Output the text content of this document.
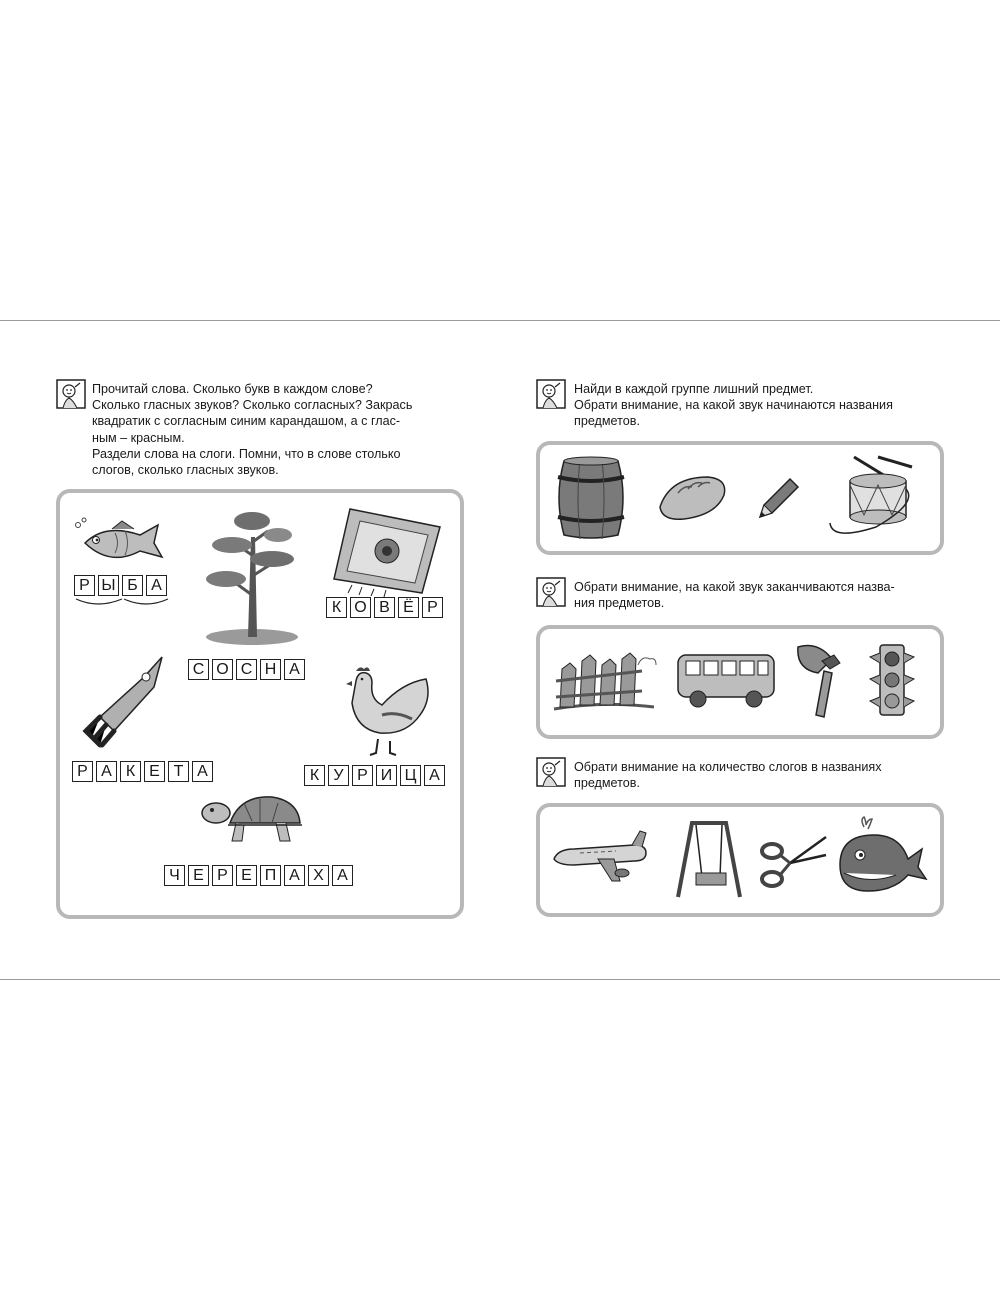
Прочитай слова. Сколько букв в каждом слове?

Сколько гласных звуков? Сколько согласных? Закрась

квадратик с согласным синим карандашом, а с глас-

ным – красным.

Раздели слова на слоги. Помни, что в слове столько

слогов, сколько гласных звуков.

Р Ы Б А
К О В Ё Р
С О С Н А
Р А К Е Т А	К У Р И Ц А
Ч Е Р Е П А Х А

Найди в каждой группе лишний предмет.

Обрати внимание, на какой звук начинаются названия

предметов.

Обрати внимание, на какой звук заканчиваются назва-

ния предметов.

Обрати внимание на количество слогов в названиях

предметов.
